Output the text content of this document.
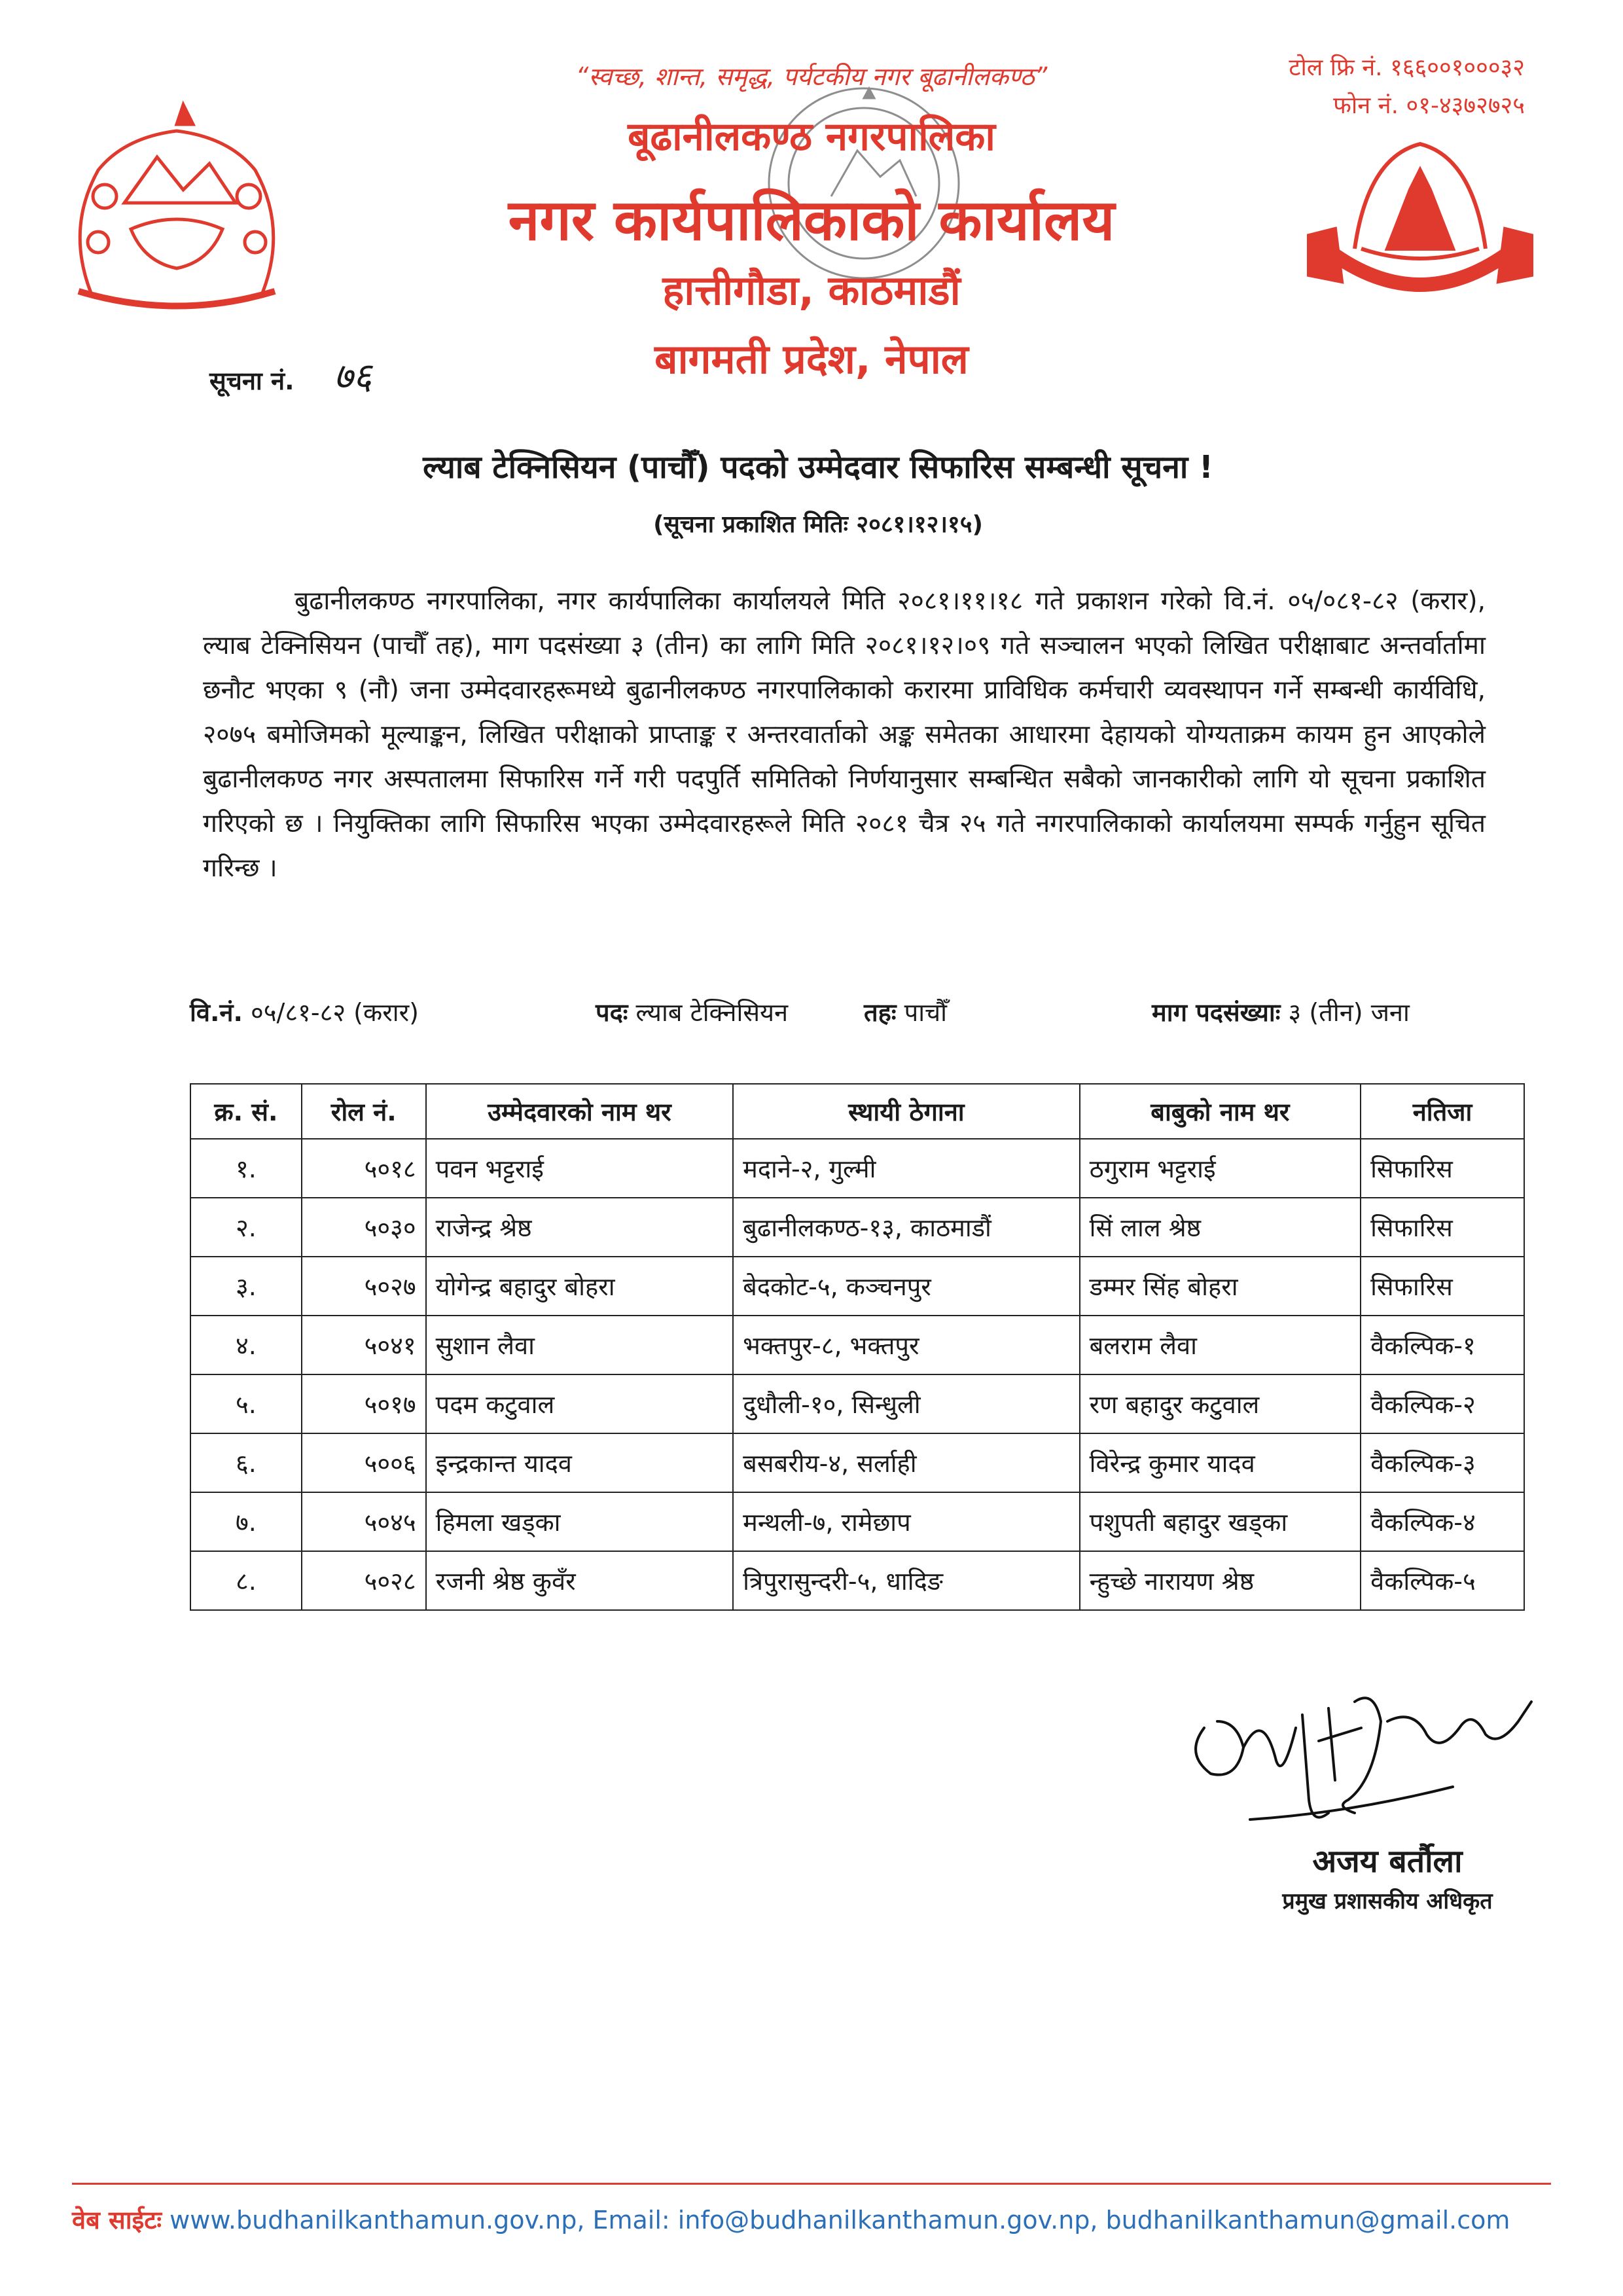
“स्वच्छ, शान्त, समृद्ध, पर्यटकीय नगर बूढानीलकण्ठ”
बूढानीलकण्ठ नगरपालिका
नगर कार्यपालिकाको कार्यालय
हात्तीगौडा, काठमाडौं
बागमती प्रदेश, नेपाल
टोल फ्रि नं. १६६००१०००३२
फोन नं. ०१-४३७२७२५
सूचना नं. ७६
ल्याब टेक्निसियन (पाचौँ) पदको उम्मेदवार सिफारिस सम्बन्धी सूचना !
(सूचना प्रकाशित मितिः २०८१।१२।१५)
बुढानीलकण्ठ नगरपालिका, नगर कार्यपालिका कार्यालयले मिति २०८१।११।१८ गते प्रकाशन गरेको वि.नं. ०५/०८१-८२ (करार), ल्याब टेक्निसियन (पाचौँ तह), माग पदसंख्या ३ (तीन) का लागि मिति २०८१।१२।०९ गते सञ्चालन भएको लिखित परीक्षाबाट अन्तर्वार्तामा छनौट भएका ९ (नौ) जना उम्मेदवारहरूमध्ये बुढानीलकण्ठ नगरपालिकाको करारमा प्राविधिक कर्मचारी व्यवस्थापन गर्ने सम्बन्धी कार्यविधि, २०७५ बमोजिमको मूल्याङ्कन, लिखित परीक्षाको प्राप्ताङ्क र अन्तरवार्ताको अङ्क समेतका आधारमा देहायको योग्यताक्रम कायम हुन आएकोले बुढानीलकण्ठ नगर अस्पतालमा सिफारिस गर्ने गरी पदपुर्ति समितिको निर्णयानुसार सम्बन्धित सबैको जानकारीको लागि यो सूचना प्रकाशित गरिएको छ । नियुक्तिका लागि सिफारिस भएका उम्मेदवारहरूले मिति २०८१ चैत्र २५ गते नगरपालिकाको कार्यालयमा सम्पर्क गर्नुहुन सूचित गरिन्छ ।
वि.नं. ०५/८१-८२ (करार)	पदः ल्याब टेक्निसियन	तहः पाचौँ	माग पदसंख्याः ३ (तीन) जना
क्र. सं.	रोल नं.	उम्मेदवारको नाम थर	स्थायी ठेगाना	बाबुको नाम थर	नतिजा
१.	५०१८	पवन भट्टराई	मदाने-२, गुल्मी	ठगुराम भट्टराई	सिफारिस
२.	५०३०	राजेन्द्र श्रेष्ठ	बुढानीलकण्ठ-१३, काठमाडौं	सिं लाल श्रेष्ठ	सिफारिस
३.	५०२७	योगेन्द्र बहादुर बोहरा	बेदकोट-५, कञ्चनपुर	डम्मर सिंह बोहरा	सिफारिस
४.	५०४१	सुशान लैवा	भक्तपुर-८, भक्तपुर	बलराम लैवा	वैकल्पिक-१
५.	५०१७	पदम कटुवाल	दुधौली-१०, सिन्धुली	रण बहादुर कटुवाल	वैकल्पिक-२
६.	५००६	इन्द्रकान्त यादव	बसबरीय-४, सर्लाही	विरेन्द्र कुमार यादव	वैकल्पिक-३
७.	५०४५	हिमला खड्का	मन्थली-७, रामेछाप	पशुपती बहादुर खड्का	वैकल्पिक-४
८.	५०२८	रजनी श्रेष्ठ कुवँर	त्रिपुरासुन्दरी-५, धादिङ	न्हुच्छे नारायण श्रेष्ठ	वैकल्पिक-५
अजय बर्तौला
प्रमुख प्रशासकीय अधिकृत
वेब साईटः www.budhanilkanthamun.gov.np, Email: info@budhanilkanthamun.gov.np, budhanilkanthamun@gmail.com
